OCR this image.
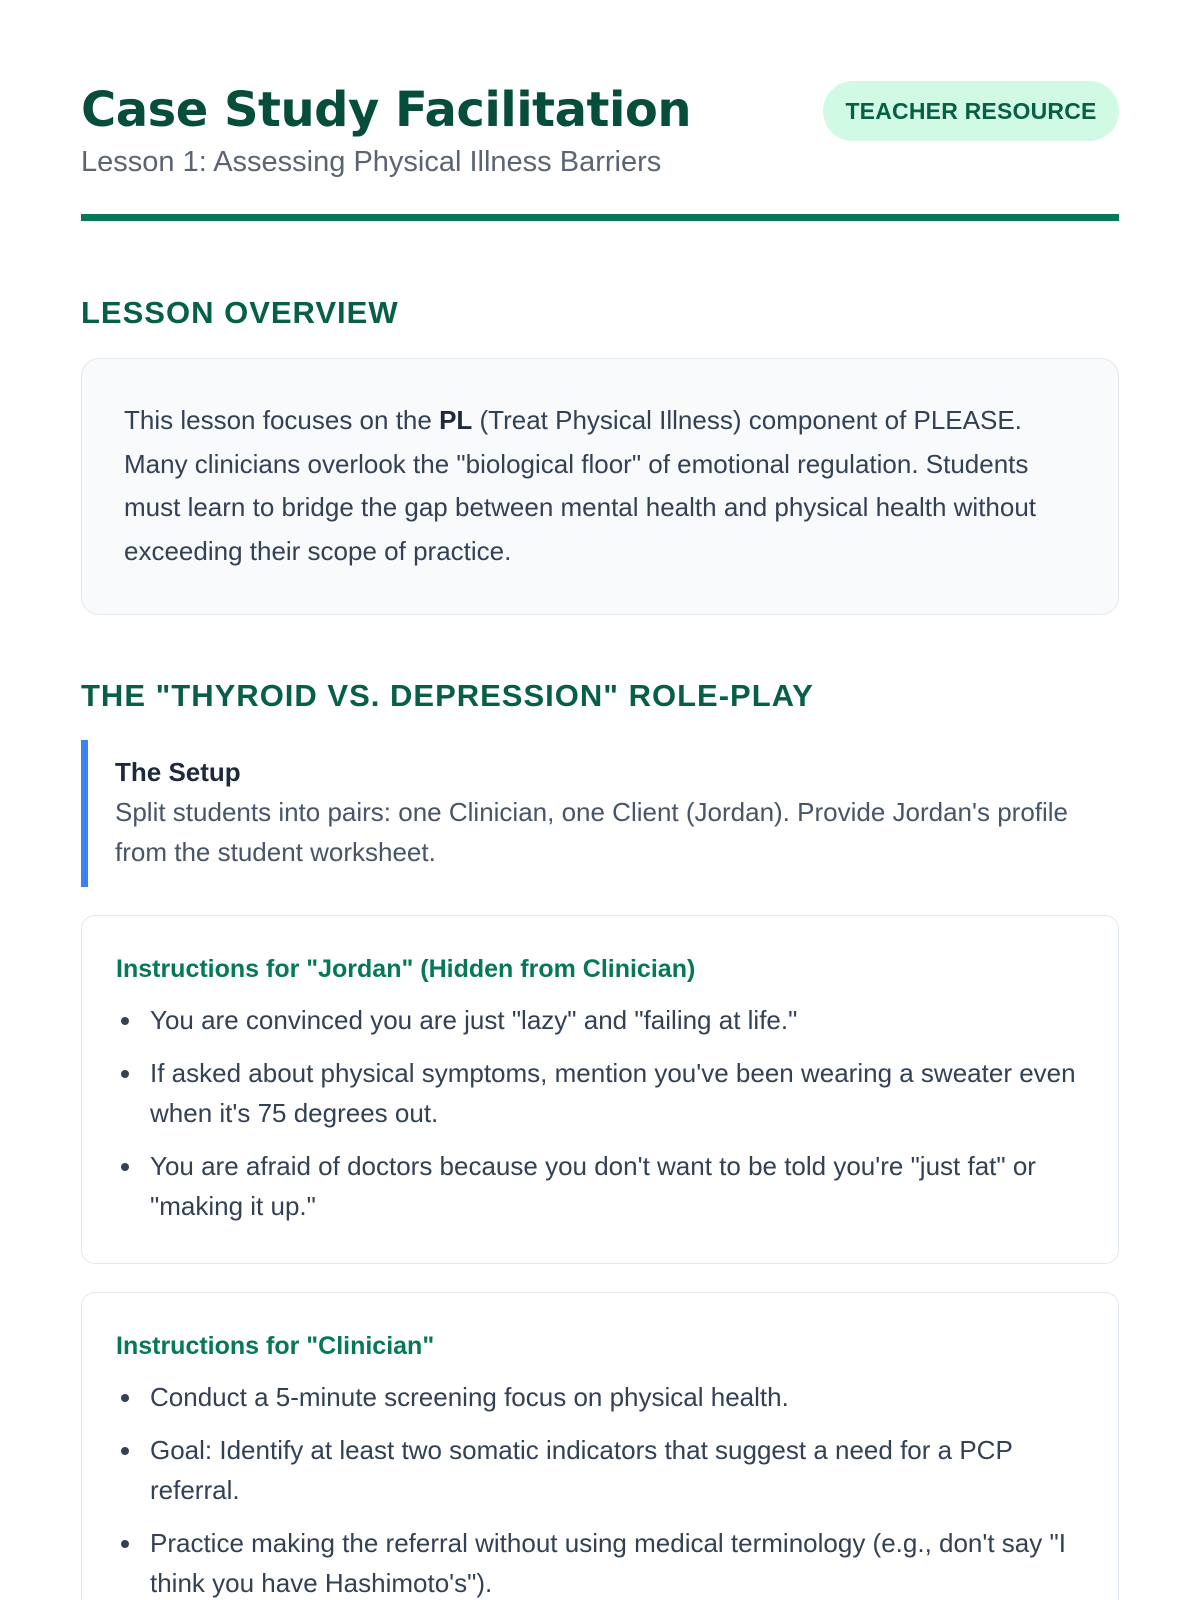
Case Study Facilitation
Lesson 1: Assessing Physical Illness Barriers
TEACHER RESOURCE
LESSON OVERVIEW
This lesson focuses on the PL (Treat Physical Illness) component of PLEASE. Many clinicians overlook the "biological floor" of emotional regulation. Students must learn to bridge the gap between mental health and physical health without exceeding their scope of practice.
THE "THYROID VS. DEPRESSION" ROLE-PLAY
The Setup
Split students into pairs: one Clinician, one Client (Jordan). Provide Jordan's profile from the student worksheet.
Instructions for "Jordan" (Hidden from Clinician)
You are convinced you are just "lazy" and "failing at life."
If asked about physical symptoms, mention you've been wearing a sweater even when it's 75 degrees out.
You are afraid of doctors because you don't want to be told you're "just fat" or "making it up."
Instructions for "Clinician"
Conduct a 5-minute screening focus on physical health.
Goal: Identify at least two somatic indicators that suggest a need for a PCP referral.
Practice making the referral without using medical terminology (e.g., don't say "I think you have Hashimoto's").
